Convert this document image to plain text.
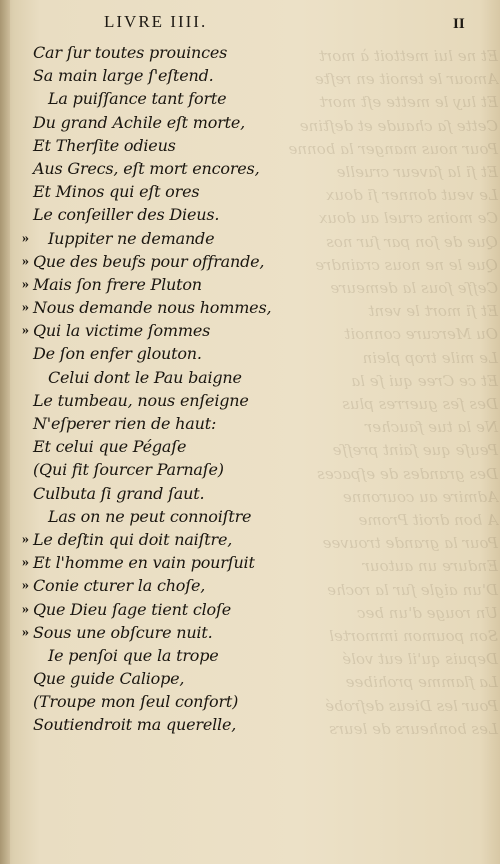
Et ne lui mettoit à mort
Amour le tenoit en reſte
Et luy le mette eſt mort
Cette ſa chaude et deſtine
Pour nous manger la bonne
Et ſi la ſaveur cruelle
Le veut donner ſi doux
Ce moins cruel au doux
Que de ſon par ſur nos
Que le ne nous craindre
Ceſſe ſous la demeure
Et ſi mort le vent
Ou Mercure connoit
Le mile trop plein
Et ce Cree qui ſe la
Des ſes guerres plus
Ne la tue faucher
Peuſe que ſaint preſſe
Des grandes de eſpaces
Admire au couronne
A bon droit Prome
Pour la grande trouvee
Endure un autour
D'un aigle ſur la roche
Un rouge d'un bec
Son poumon immortel
Depuis qu'il eut volé
La flamme prohibee
Pour les Dieus deſrobé
Les bonheurs de leurs
LIVRE IIII.	II
Car ſur toutes prouinces
Sa main large ſ'eſtend.
La puiſſance tant forte
Du grand Achile eſt morte,
Et Therſite odieus
Aus Grecs, eſt mort encores,
Et Minos qui eſt ores
Le conſeiller des Dieus.
» Iuppiter ne demande
» Que des beufs pour offrande,
» Mais ſon frere Pluton
» Nous demande nous hommes,
» Qui la victime ſommes
De ſon enfer glouton.
Celui dont le Pau baigne
Le tumbeau, nous enſeigne
N'eſperer rien de haut:
Et celui que Pégaſe
(Qui fit ſourcer Parnaſe)
Culbuta ſi grand ſaut.
Las on ne peut connoiſtre
» Le deſtin qui doit naiſtre,
» Et l'homme en vain pourſuit
» Conie cturer la choſe,
» Que Dieu ſage tient cloſe
» Sous une obſcure nuit.
Ie penſoi que la trope
Que guide Caliope,
(Troupe mon ſeul confort)
Soutiendroit ma querelle,
